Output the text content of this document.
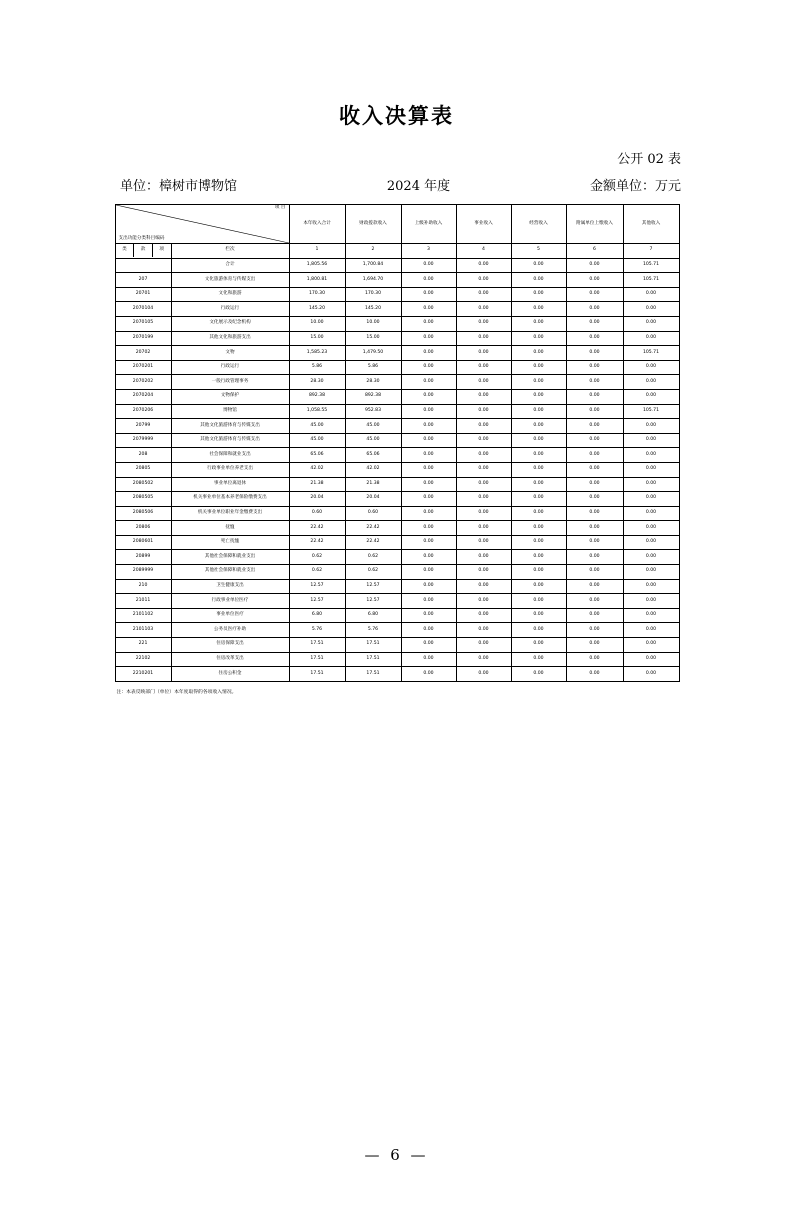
收入决算表
公开 02 表
单位：樟树市博物馆	2024 年度	金额单位：万元
项 目
支出功能分类科目编码
	本年收入合计	财政拨款收入	上级补助收入	事业收入	经营收入	附属单位上缴收入	其他收入

类	款	项
		栏次	1	2	3	4	5	6	7
	合计	1,805.56	1,700.84	0.00	0.00	0.00	0.00	105.71
207	文化旅游体育与传媒支出	1,800.81	1,694.70	0.00	0.00	0.00	0.00	105.71
20701	文化和旅游	170.30	170.30	0.00	0.00	0.00	0.00	0.00
2070104	行政运行	145.20	145.20	0.00	0.00	0.00	0.00	0.00
2070105	文化展示及纪念机构	10.00	10.00	0.00	0.00	0.00	0.00	0.00
2070199	其他文化和旅游支出	15.00	15.00	0.00	0.00	0.00	0.00	0.00
20702	文物	1,585.23	1,479.50	0.00	0.00	0.00	0.00	105.71
2070201	行政运行	5.86	5.86	0.00	0.00	0.00	0.00	0.00
2070202	一般行政管理事务	28.30	28.30	0.00	0.00	0.00	0.00	0.00
2070204	文物保护	892.38	892.38	0.00	0.00	0.00	0.00	0.00
2070206	博物馆	1,058.55	952.83	0.00	0.00	0.00	0.00	105.71
20799	其他文化旅游体育与传媒支出	45.00	45.00	0.00	0.00	0.00	0.00	0.00
2079999	其他文化旅游体育与传媒支出	45.00	45.00	0.00	0.00	0.00	0.00	0.00
208	社会保障和就业支出	65.06	65.06	0.00	0.00	0.00	0.00	0.00
20805	行政事业单位养老支出	42.02	42.02	0.00	0.00	0.00	0.00	0.00
2080502	事业单位离退休	21.38	21.38	0.00	0.00	0.00	0.00	0.00
2080505	机关事业单位基本养老保险缴费支出	20.04	20.04	0.00	0.00	0.00	0.00	0.00
2080506	机关事业单位职业年金缴费支出	0.60	0.60	0.00	0.00	0.00	0.00	0.00
20806	抚恤	22.42	22.42	0.00	0.00	0.00	0.00	0.00
2080601	死亡抚恤	22.42	22.42	0.00	0.00	0.00	0.00	0.00
20899	其他社会保障和就业支出	0.62	0.62	0.00	0.00	0.00	0.00	0.00
2089999	其他社会保障和就业支出	0.62	0.62	0.00	0.00	0.00	0.00	0.00
210	卫生健康支出	12.57	12.57	0.00	0.00	0.00	0.00	0.00
21011	行政事业单位医疗	12.57	12.57	0.00	0.00	0.00	0.00	0.00
2101102	事业单位医疗	6.80	6.80	0.00	0.00	0.00	0.00	0.00
2101103	公务员医疗补助	5.76	5.76	0.00	0.00	0.00	0.00	0.00
221	住房保障支出	17.51	17.51	0.00	0.00	0.00	0.00	0.00
22102	住房改革支出	17.51	17.51	0.00	0.00	0.00	0.00	0.00
2210201	住房公积金	17.51	17.51	0.00	0.00	0.00	0.00	0.00
注：本表反映部门（单位）本年度取得的各项收入情况。
— 6 —
